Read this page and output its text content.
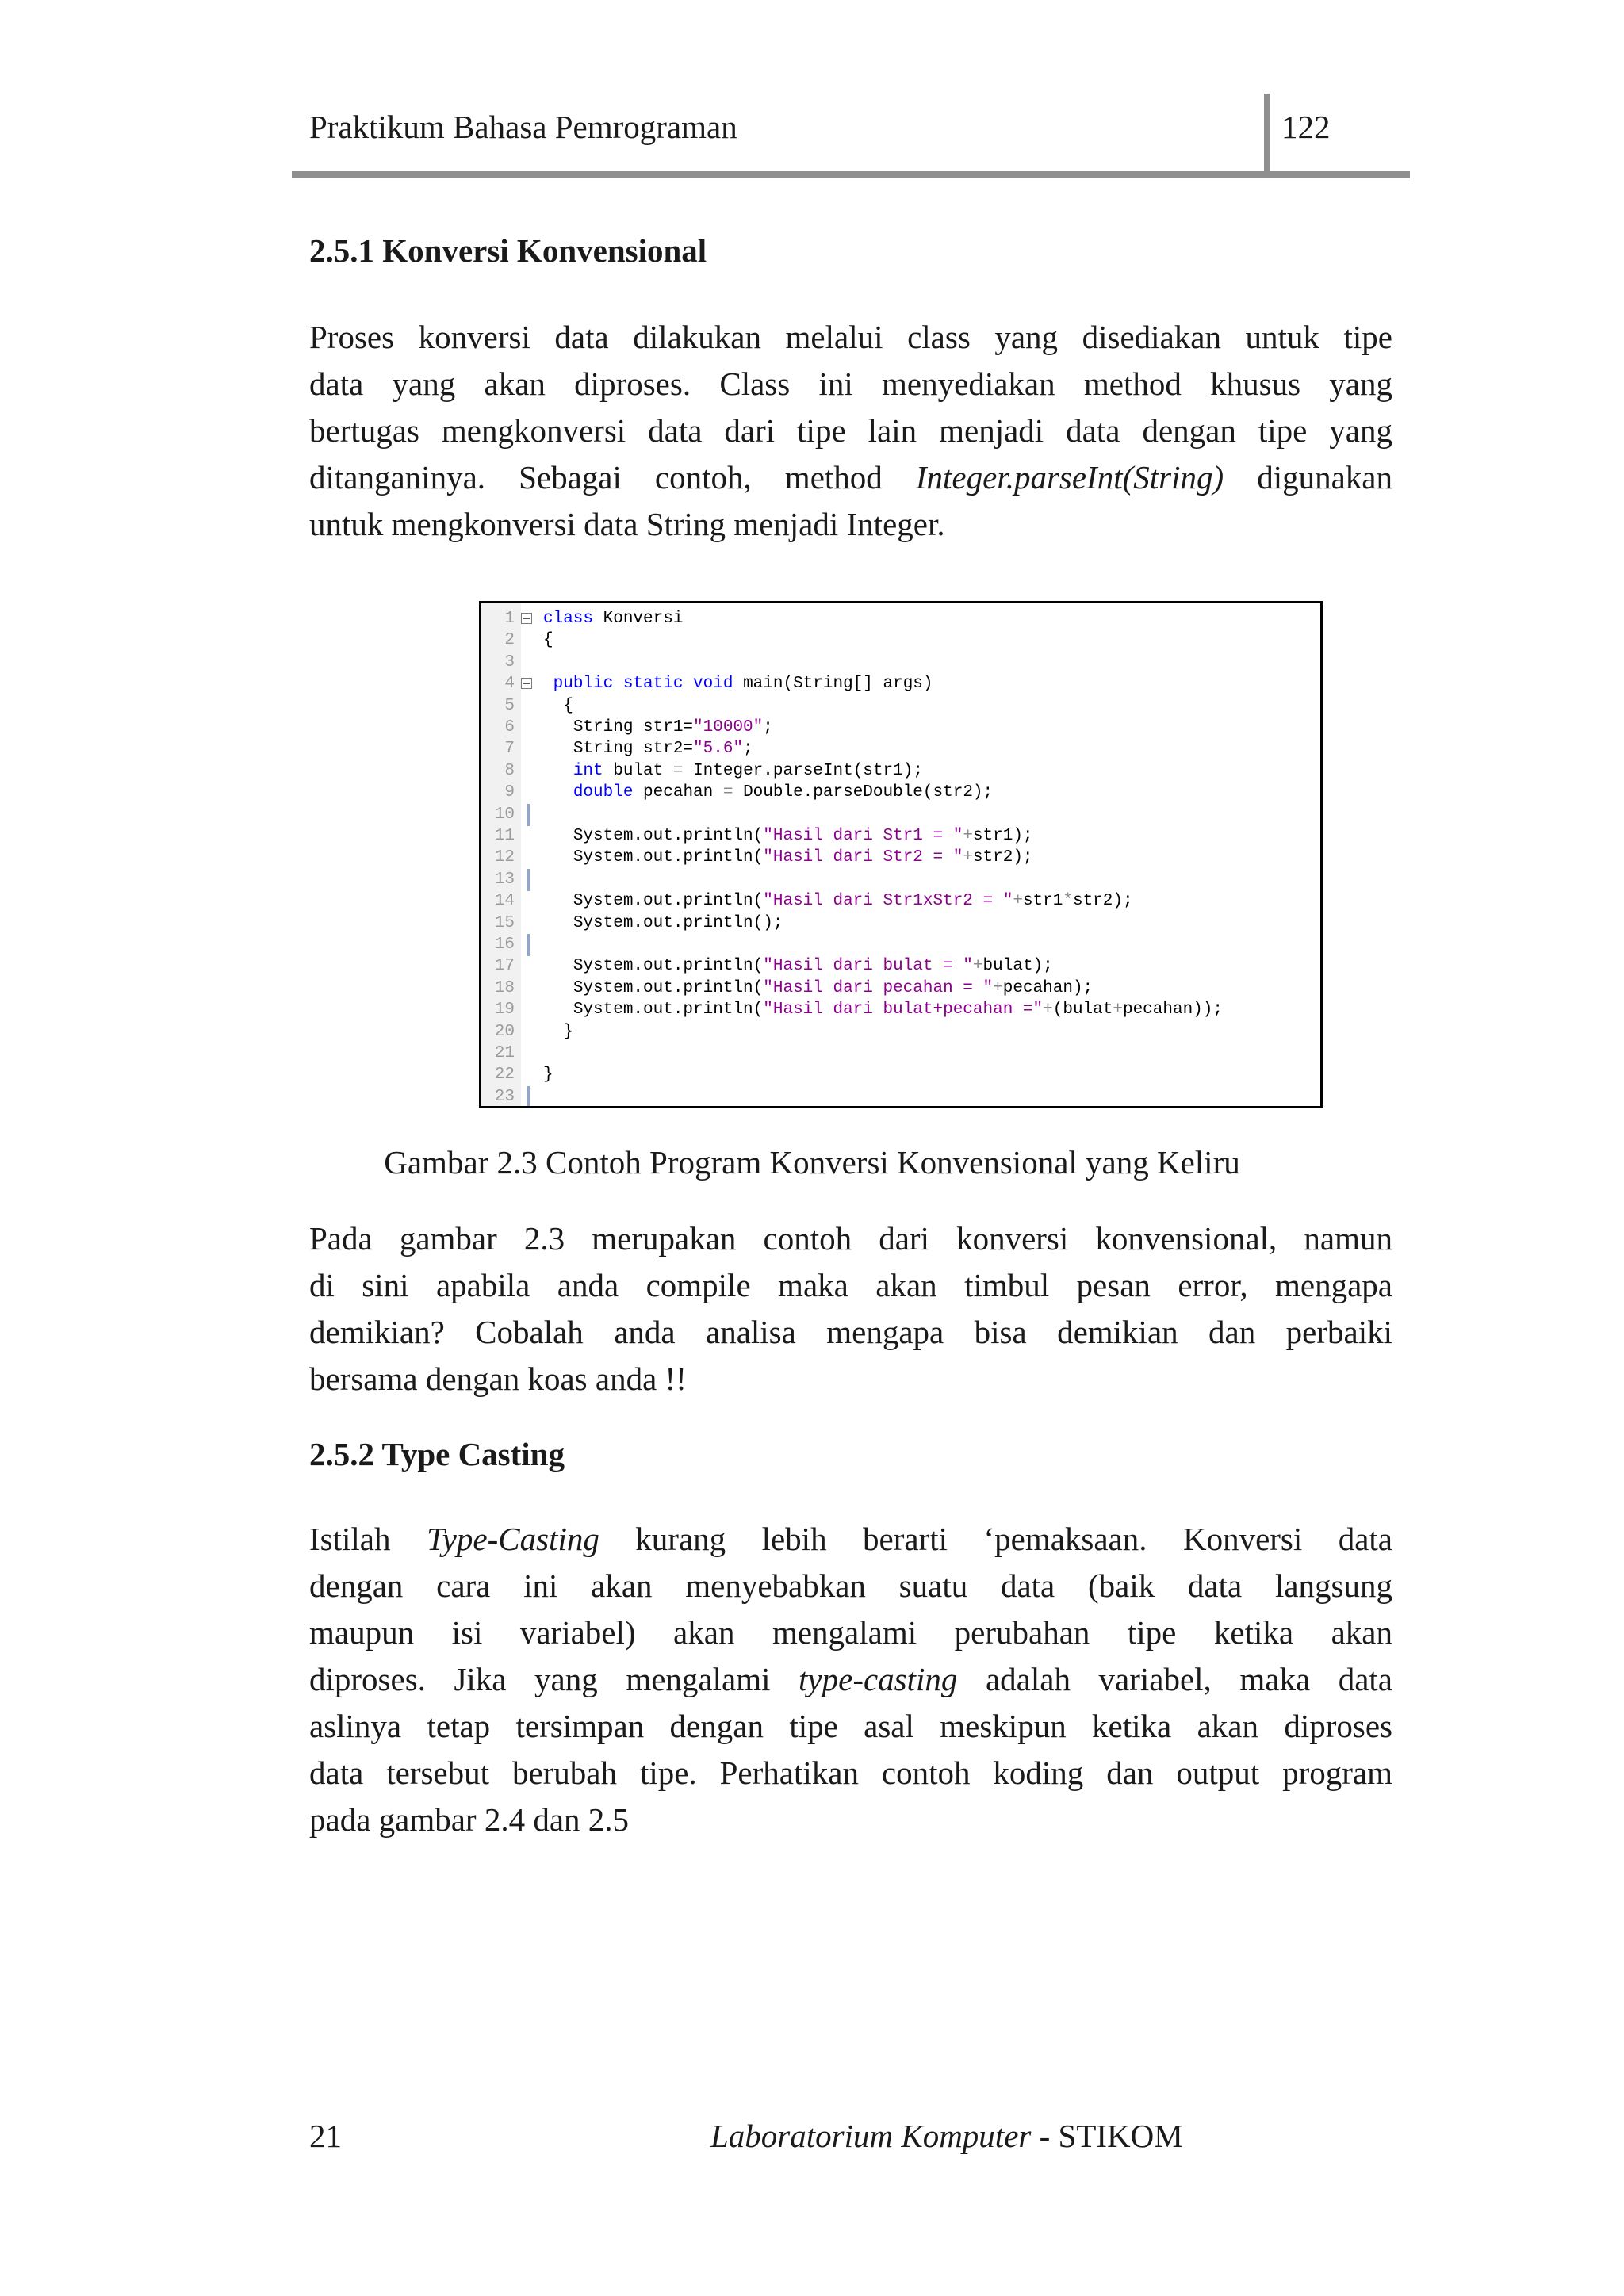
Praktikum Bahasa Pemrograman	122
2.5.1 Konversi Konvensional
Proses konversi data dilakukan melalui class yang disediakan untuk tipe
data yang akan diproses. Class ini menyediakan method khusus yang
bertugas mengkonversi data dari tipe lain menjadi data dengan tipe yang
ditanganinya. Sebagai contoh, method Integer.parseInt(String) digunakan
untuk mengkonversi data String menjadi Integer.
1 class Konversi
2 {
3
4	public static void main(String[] args)
5	{
6	String str1="10000";
7	String str2="5.6";
8	int bulat = Integer.parseInt(str1);
9	double pecahan = Double.parseDouble(str2);
10
11	System.out.println("Hasil dari Str1 = "+str1);
12	System.out.println("Hasil dari Str2 = "+str2);
13
14	System.out.println("Hasil dari Str1xStr2 = "+str1*str2);
15	System.out.println();
16
17	System.out.println("Hasil dari bulat = "+bulat);
18	System.out.println("Hasil dari pecahan = "+pecahan);
19	System.out.println("Hasil dari bulat+pecahan ="+(bulat+pecahan));
20	}
21
22 }
23
Gambar 2.3 Contoh Program Konversi Konvensional yang Keliru
Pada gambar 2.3 merupakan contoh dari konversi konvensional, namun
di sini apabila anda compile maka akan timbul pesan error, mengapa
demikian? Cobalah anda analisa mengapa bisa demikian dan perbaiki
bersama dengan koas anda !!
2.5.2 Type Casting
Istilah Type-Casting kurang lebih berarti ‘pemaksaan. Konversi data
dengan cara ini akan menyebabkan suatu data (baik data langsung
maupun isi variabel) akan mengalami perubahan tipe ketika akan
diproses. Jika yang mengalami type-casting adalah variabel, maka data
aslinya tetap tersimpan dengan tipe asal meskipun ketika akan diproses
data tersebut berubah tipe. Perhatikan contoh koding dan output program
pada gambar 2.4 dan 2.5
21	Laboratorium Komputer - STIKOM
